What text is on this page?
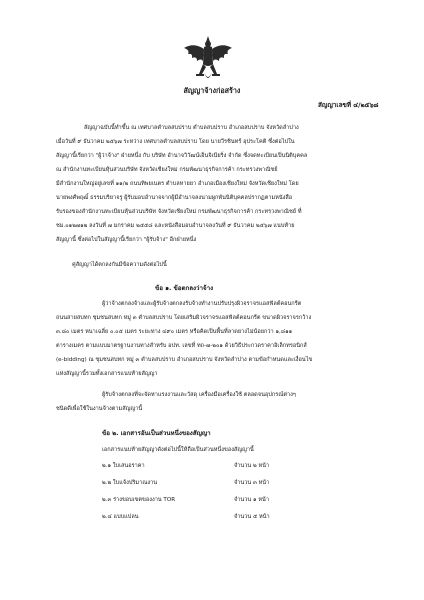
สัญญาจ้างก่อสร้าง
สัญญาเลขที่ ๔/๒๕๖๘
สัญญาฉบับนี้ทำขึ้น ณ เทศบาลตำบลสบปราบ ตำบลสบปราบ อำเภอสบปราบ จังหวัดลำปาง
เมื่อวันที่ ๙ ธันวาคม ๒๕๖๗ ระหว่าง เทศบาลตำบลสบปราบ โดย นายวีรชินทร์ อุประโคติ ซึ่งต่อไปใน
สัญญานี้เรียกว่า "ผู้ว่าจ้าง" ฝ่ายหนึ่ง กับ บริษัท อำนาจวิวัฒน์เอ็นจิเนียริ่ง จำกัด ซึ่งจดทะเบียนเป็นนิติบุคคล
ณ สำนักงานทะเบียนหุ้นส่วนบริษัท จังหวัดเชียงใหม่ กรมพัฒนาธุรกิจการค้า กระทรวงพาณิชย์
มีสำนักงานใหญ่อยู่เลขที่ ๑๑/๒ ถนนทิพยเนตร ตำบลหายยา อำเภอเมืองเชียงใหม่ จังหวัดเชียงใหม่ โดย
นายพงศ์พฤฒิ์ ธรรมบริยาจรู ผู้รับมอบอำนาจจากผู้มีอำนาจลงนามผูกพันนิติบุคคลปรากฏตามหนังสือ
รับรองของสำนักงานทะเบียนหุ้นส่วนบริษัท จังหวัดเชียงใหม่ กรมพัฒนาธุรกิจการค้า กระทรวงพาณิชย์ ที่
ชม.๐๑๒๗๑๒ ลงวันที่ ๗ มกราคม ๒๕๕๘ และหนังสือมอบอำนาจลงวันที่ ๙ ธันวาคม ๒๕๖๗ แนบท้าย
สัญญานี้ ซึ่งต่อไปในสัญญานี้เรียกว่า "ผู้รับจ้าง" อีกฝ่ายหนึ่ง
คู่สัญญาได้ตกลงกันมีข้อความดังต่อไปนี้
ข้อ ๑. ข้อตกลงว่าจ้าง
ผู้ว่าจ้างตกลงจ้างและผู้รับจ้างตกลงรับจ้างทำงานปรับปรุงผิวจราจรแอสฟัลต์คอนกรีต
ถนนสายสบทก ชุมชนสบทก หมู่ ๓ ตำบลสบปราบ โดยเสริมผิวจราจรแอสฟัลต์คอนกรีต ขนาดผิวจราจรกว้าง
๓.๘๐ เมตร หนาเฉลี่ย ๐.๐๕ เมตร ระยะทาง ๔๙๐ เมตร หรือคิดเป็นพื้นที่ลาดยางไม่น้อยกว่า ๑,๘๑๑
ตารางเมตร ตามแบบมาตรฐานงานทางสำหรับ อปท. เลขที่ ทถ-๗-๒๐๑ ด้วยวิธีประกวดราคาอิเล็กทรอนิกส์
(e-bidding) ณ ชุมชนสบทก หมู่ ๓ ตำบลสบปราบ อำเภอสบปราบ จังหวัดลำปาง ตามข้อกำหนดและเงื่อนไข
แห่งสัญญานี้รวมทั้งเอกสารแนบท้ายสัญญา
ผู้รับจ้างตกลงที่จะจัดหาแรงงานและวัสดุ เครื่องมือเครื่องใช้ ตลอดจนอุปกรณ์ต่างๆ
ชนิดดีเพื่อใช้ในงานจ้างตามสัญญานี้
ข้อ ๒. เอกสารอันเป็นส่วนหนึ่งของสัญญา
เอกสารแนบท้ายสัญญาดังต่อไปนี้ให้ถือเป็นส่วนหนึ่งของสัญญานี้
๒.๑ ใบเสนอราคา	จำนวน ๒ หน้า
๒.๒ ใบแจ้งปริมาณงาน	จำนวน ๓ หน้า
๒.๓ ร่างขอบเขตของงาน TOR	จำนวน ๑ หน้า
๒.๔ แบบแปลน	จำนวน ๕ หน้า
